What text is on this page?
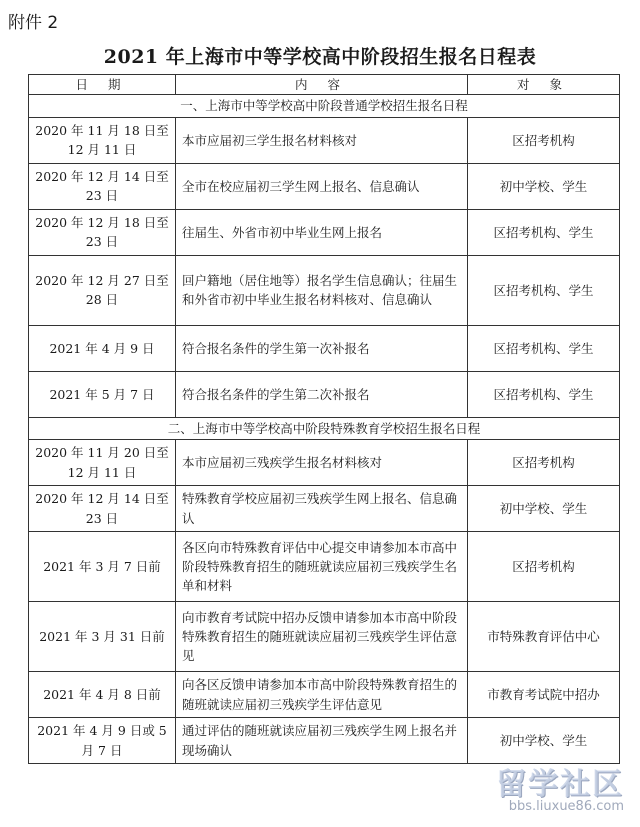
附件 2
2021 年上海市中等学校高中阶段招生报名日程表
日 期	内 容	对 象
一、上海市中等学校高中阶段普通学校招生报名日程		
2020 年 11 月 18 日至 12 月 11 日	本市应届初三学生报名材料核对	区招考机构
2020 年 12 月 14 日至 23 日	全市在校应届初三学生网上报名、信息确认	初中学校、学生
2020 年 12 月 18 日至 23 日	往届生、外省市初中毕业生网上报名	区招考机构、学生
2020 年 12 月 27 日至 28 日	回户籍地（居住地等）报名学生信息确认；往届生和外省市初中毕业生报名材料核对、信息确认	区招考机构、学生
2021 年 4 月 9 日	符合报名条件的学生第一次补报名	区招考机构、学生
2021 年 5 月 7 日	符合报名条件的学生第二次补报名	区招考机构、学生
二、上海市中等学校高中阶段特殊教育学校招生报名日程		
2020 年 11 月 20 日至 12 月 11 日	本市应届初三残疾学生报名材料核对	区招考机构
2020 年 12 月 14 日至 23 日	特殊教育学校应届初三残疾学生网上报名、信息确认	初中学校、学生
2021 年 3 月 7 日前	各区向市特殊教育评估中心提交申请参加本市高中阶段特殊教育招生的随班就读应届初三残疾学生名单和材料	区招考机构
2021 年 3 月 31 日前	向市教育考试院中招办反馈申请参加本市高中阶段特殊教育招生的随班就读应届初三残疾学生评估意见	市特殊教育评估中心
2021 年 4 月 8 日前	向各区反馈申请参加本市高中阶段特殊教育招生的随班就读应届初三残疾学生评估意见	市教育考试院中招办
2021 年 4 月 9 日或 5 月 7 日	通过评估的随班就读应届初三残疾学生网上报名并现场确认	初中学校、学生
留学社区
bbs.liuxue86.com
